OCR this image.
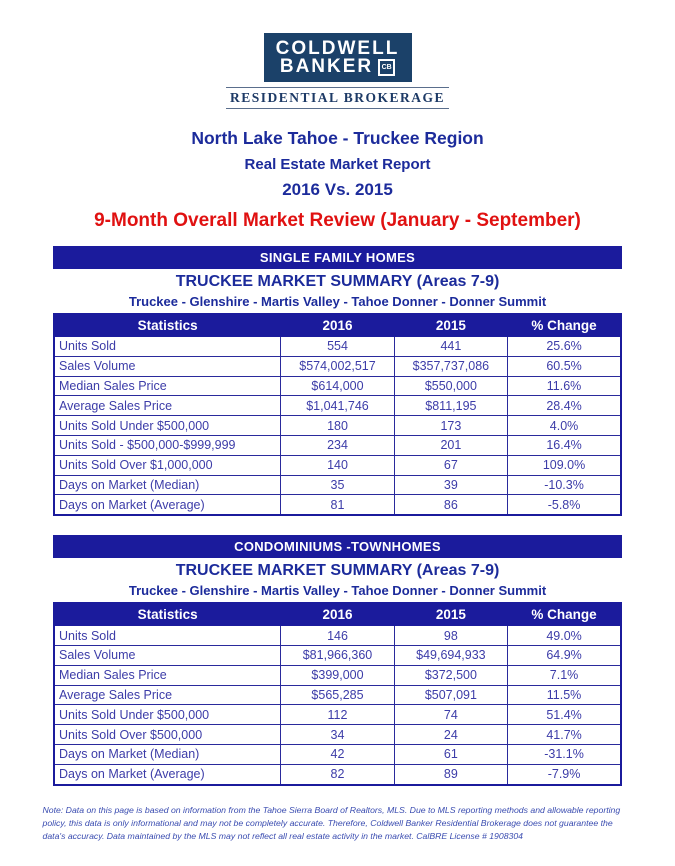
COLDWELL
BANKER	CB
RESIDENTIAL BROKERAGE
North Lake Tahoe - Truckee Region
Real Estate Market Report
2016 Vs. 2015
9-Month Overall Market Review (January - September)
SINGLE FAMILY HOMES
TRUCKEE MARKET SUMMARY (Areas 7-9)
Truckee - Glenshire - Martis Valley - Tahoe Donner - Donner Summit
Statistics	2016	2015	% Change
Units Sold	554	441	25.6%
Sales Volume	$574,002,517	$357,737,086	60.5%
Median Sales Price	$614,000	$550,000	11.6%
Average Sales Price	$1,041,746	$811,195	28.4%
Units Sold Under $500,000	180	173	4.0%
Units Sold - $500,000-$999,999	234	201	16.4%
Units Sold Over $1,000,000	140	67	109.0%
Days on Market (Median)	35	39	-10.3%
Days on Market (Average)	81	86	-5.8%
CONDOMINIUMS -TOWNHOMES
TRUCKEE MARKET SUMMARY (Areas 7-9)
Truckee - Glenshire - Martis Valley - Tahoe Donner - Donner Summit
Statistics	2016	2015	% Change
Units Sold	146	98	49.0%
Sales Volume	$81,966,360	$49,694,933	64.9%
Median Sales Price	$399,000	$372,500	7.1%
Average Sales Price	$565,285	$507,091	11.5%
Units Sold Under $500,000	112	74	51.4%
Units Sold Over $500,000	34	24	41.7%
Days on Market (Median)	42	61	-31.1%
Days on Market (Average)	82	89	-7.9%
Note: Data on this page is based on information from the Tahoe Sierra Board of Realtors, MLS. Due to MLS reporting methods and allowable reporting policy, this data is only informational and may not be completely accurate. Therefore, Coldwell Banker Residential Brokerage does not guarantee the data's accuracy. Data maintained by the MLS may not reflect all real estate activity in the market. CalBRE License # 1908304
